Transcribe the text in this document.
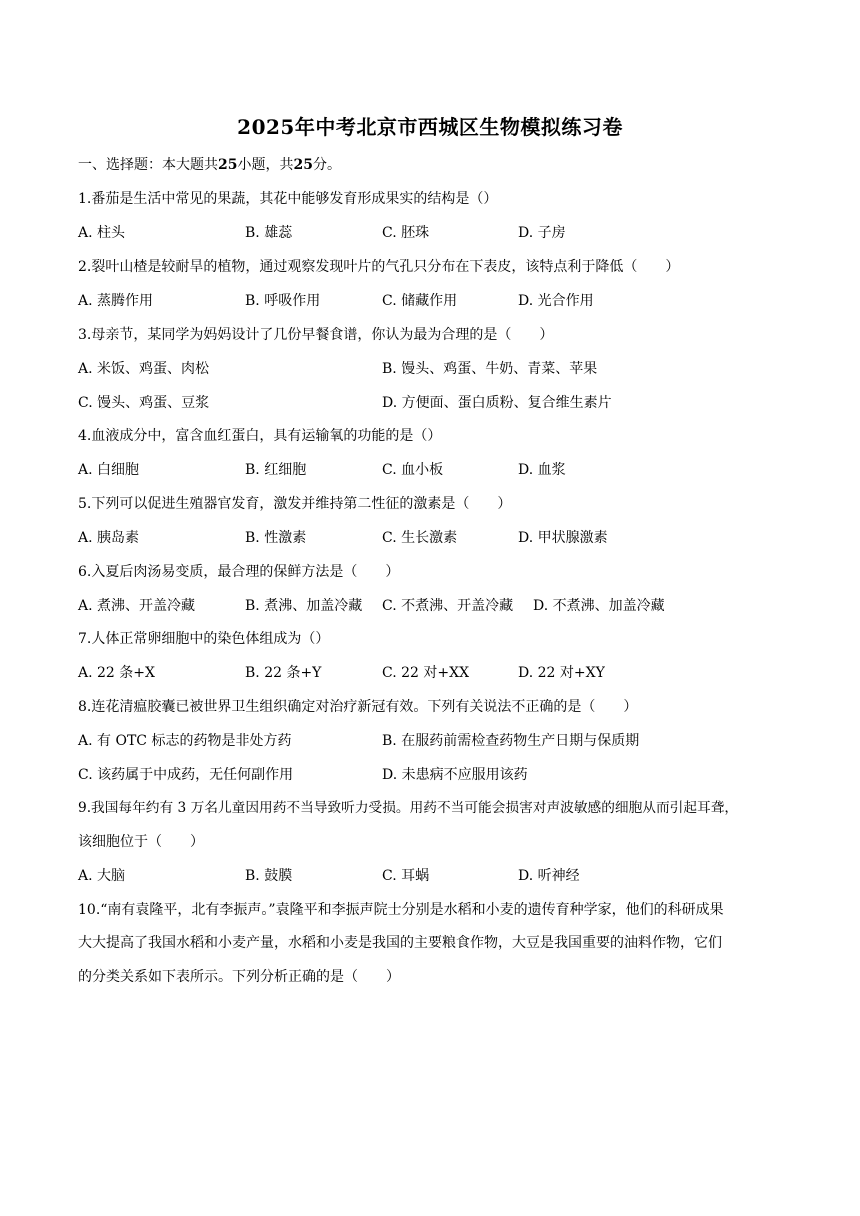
2025年中考北京市西城区生物模拟练习卷
一、选择题：本大题共25小题，共25分。
1.番茄是生活中常见的果蔬，其花中能够发育形成果实的结构是（）
A. 柱头	B. 雄蕊	C. 胚珠	D. 子房
2.裂叶山楂是较耐旱的植物，通过观察发现叶片的气孔只分布在下表皮，该特点利于降低（　　）
A. 蒸腾作用	B. 呼吸作用	C. 储藏作用	D. 光合作用
3.母亲节，某同学为妈妈设计了几份早餐食谱，你认为最为合理的是（　　）
A. 米饭、鸡蛋、肉松	B. 馒头、鸡蛋、牛奶、青菜、苹果
C. 馒头、鸡蛋、豆浆	D. 方便面、蛋白质粉、复合维生素片
4.血液成分中，富含血红蛋白，具有运输氧的功能的是（）
A. 白细胞	B. 红细胞	C. 血小板	D. 血浆
5.下列可以促进生殖器官发育，激发并维持第二性征的激素是（　　）
A. 胰岛素	B. 性激素	C. 生长激素	D. 甲状腺激素
6.入夏后肉汤易变质，最合理的保鲜方法是（　　）
A. 煮沸、开盖冷藏	B. 煮沸、加盖冷藏 C. 不煮沸、开盖冷藏 D. 不煮沸、加盖冷藏
7.人体正常卵细胞中的染色体组成为（）
A. 22 条+X	B. 22 条+Y	C. 22 对+XX	D. 22 对+XY
8.连花清瘟胶囊已被世界卫生组织确定对治疗新冠有效。下列有关说法不正确的是（　　）
A. 有 OTC 标志的药物是非处方药	B. 在服药前需检查药物生产日期与保质期
C. 该药属于中成药，无任何副作用	D. 未患病不应服用该药
9.我国每年约有 3 万名儿童因用药不当导致听力受损。用药不当可能会损害对声波敏感的细胞从而引起耳聋，
该细胞位于（　　）
A. 大脑	B. 鼓膜	C. 耳蜗	D. 听神经
10.“南有袁隆平，北有李振声。”袁隆平和李振声院士分别是水稻和小麦的遗传育种学家，他们的科研成果
大大提高了我国水稻和小麦产量，水稻和小麦是我国的主要粮食作物，大豆是我国重要的油料作物，它们
的分类关系如下表所示。下列分析正确的是（　　）
